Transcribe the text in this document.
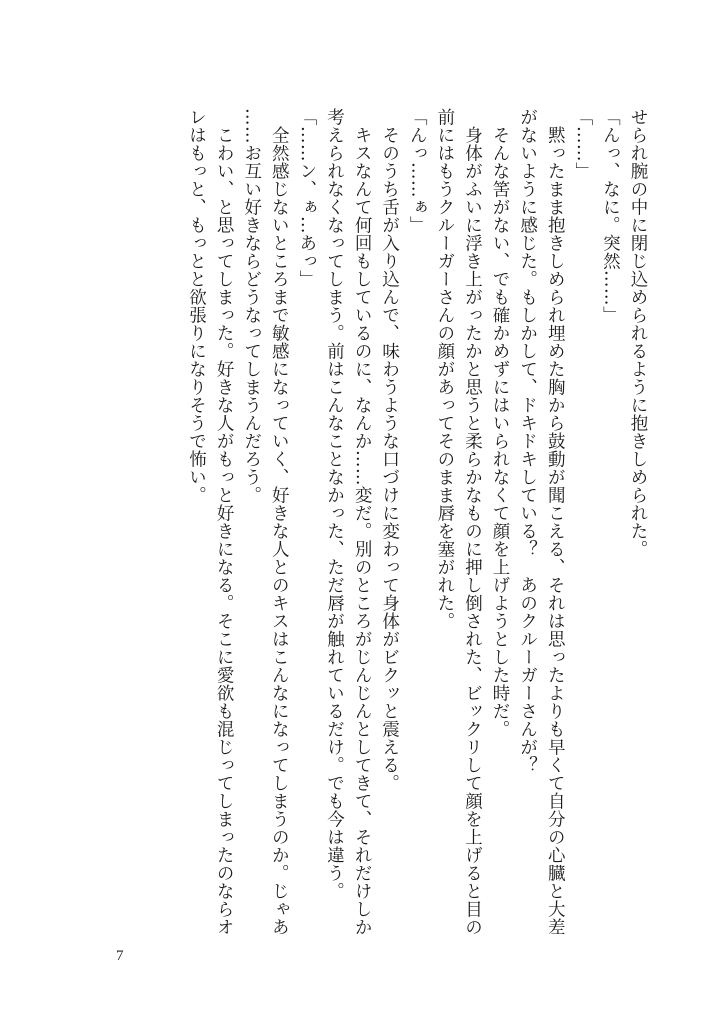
せられ腕の中に閉じ込められるように抱きしめられた。
「んっ、なに。突然……」
「……」
　黙ったまま抱きしめられ埋めた胸から鼓動が聞こえる、それは思ったよりも早くて自分の心臓と大差
がないように感じた。もしかして、ドキドキしている？　あのクルーガーさんが？
　そんな筈がない、でも確かめずにはいられなくて顔を上げようとした時だ。
　身体がふいに浮き上がったかと思うと柔らかなものに押し倒された、ビックリして顔を上げると目の
前にはもうクルーガーさんの顔があってそのまま唇を塞がれた。
「んっ……ぁ」
　そのうち舌が入り込んで、味わうような口づけに変わって身体がビクッと震える。
　キスなんて何回もしているのに、なんか……変だ。別のところがじんじんとしてきて、それだけしか
考えられなくなってしまう。前はこんなことなかった、ただ唇が触れているだけ。でも今は違う。
「……ン、ぁ…あっ」
　全然感じないところまで敏感になっていく、好きな人とのキスはこんなになってしまうのか。じゃあ
……お互い好きならどうなってしまうんだろう。
　こわい、と思ってしまった。好きな人がもっと好きになる。そこに愛欲も混じってしまったのならオ
レはもっと、もっとと欲張りになりそうで怖い。
7
